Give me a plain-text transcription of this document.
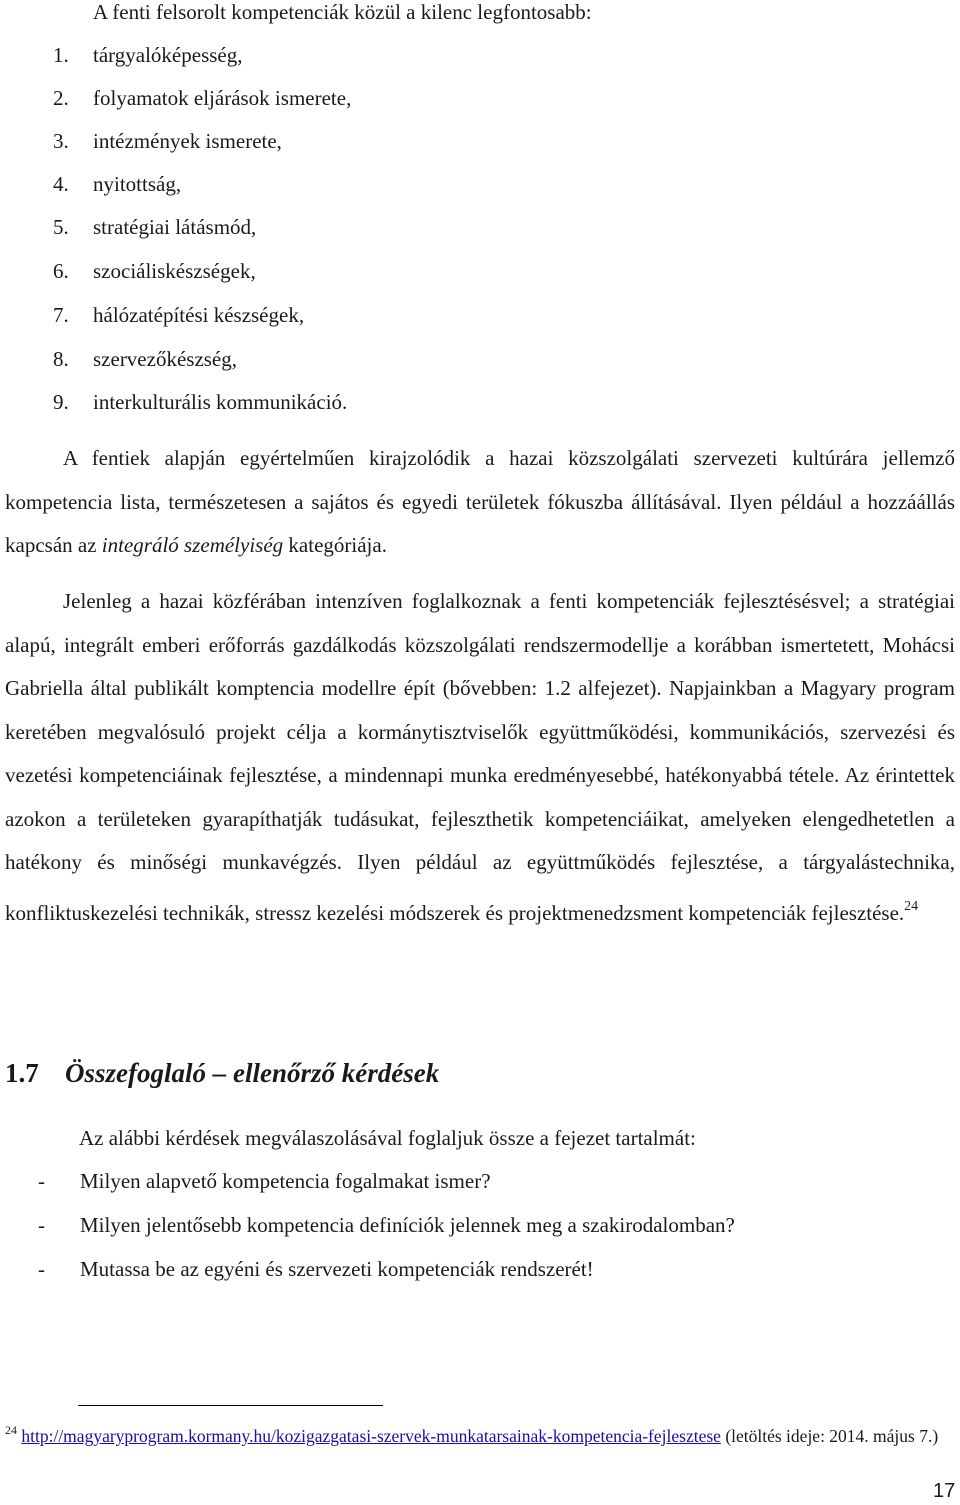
A fenti felsorolt kompetenciák közül a kilenc legfontosabb:
1. tárgyalóképesség,
2. folyamatok eljárások ismerete,
3. intézmények ismerete,
4. nyitottság,
5. stratégiai látásmód,
6. szociáliskészségek,
7. hálózatépítési készségek,
8. szervezőkészség,
9. interkulturális kommunikáció.

A fentiek alapján egyértelműen kirajzolódik a hazai közszolgálati szervezeti kultúrára jellemző kompetencia lista, természetesen a sajátos és egyedi területek fókuszba állításával. Ilyen például a hozzáállás kapcsán az integráló személyiség kategóriája.

Jelenleg a hazai közférában intenzíven foglalkoznak a fenti kompetenciák fejlesztésésvel; a stratégiai alapú, integrált emberi erőforrás gazdálkodás közszolgálati rendszermodellje a korábban ismertetett, Mohácsi Gabriella által publikált komptencia modellre épít (bővebben: 1.2 alfejezet). Napjainkban a Magyary program keretében megvalósuló projekt célja a kormánytisztviselők együttműködési, kommunikációs, szervezési és vezetési kompetenciáinak fejlesztése, a mindennapi munka eredményesebbé, hatékonyabbá tétele. Az érintettek azokon a területeken gyarapíthatják tudásukat, fejleszthetik kompetenciáikat, amelyeken elengedhetetlen a hatékony és minőségi munkavégzés. Ilyen például az együttműködés fejlesztése, a tárgyalástechnika, konfliktuskezelési technikák, stressz kezelési módszerek és projektmenedzsment kompetenciák fejlesztése.$^{24}$

1.7 Összefoglaló – ellenőrző kérdések
Az alábbi kérdések megválaszolásával foglaljuk össze a fejezet tartalmát:
- Milyen alapvető kompetencia fogalmakat ismer?
- Milyen jelentősebb kompetencia definíciók jelennek meg a szakirodalomban?
- Mutassa be az egyéni és szervezeti kompetenciák rendszerét!
$^{24}$ http://magyaryprogram.kormany.hu/kozigazgatasi-szervek-munkatarsainak-kompetencia-fejlesztese (letöltés ideje: 2014. május 7.)
17
